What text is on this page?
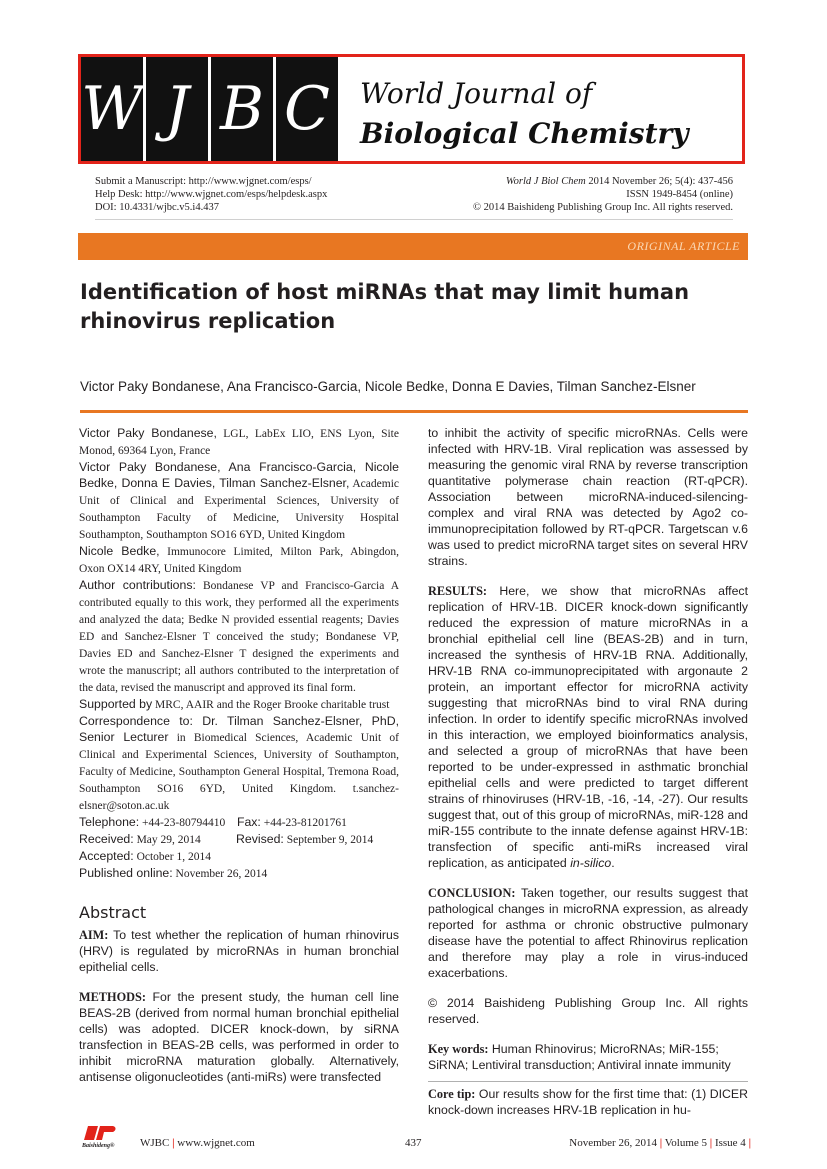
W J B C World Journal of
Biological Chemistry
Submit a Manuscript: http://www.wjgnet.com/esps/
Help Desk: http://www.wjgnet.com/esps/helpdesk.aspx
DOI: 10.4331/wjbc.v5.i4.437
World J Biol Chem 2014 November 26; 5(4): 437-456
ISSN 1949-8454 (online)
© 2014 Baishideng Publishing Group Inc. All rights reserved.
ORIGINAL ARTICLE
Identification of host miRNAs that may limit human rhinovirus replication
Victor Paky Bondanese, Ana Francisco-Garcia, Nicole Bedke, Donna E Davies, Tilman Sanchez-Elsner

Victor Paky Bondanese, LGL, LabEx LIO, ENS Lyon, Site Monod, 69364 Lyon, France

Victor Paky Bondanese, Ana Francisco-Garcia, Nicole Bedke, Donna E Davies, Tilman Sanchez-Elsner, Academic Unit of Clinical and Experimental Sciences, University of Southampton Faculty of Medicine, University Hospital Southampton, Southampton SO16 6YD, United Kingdom

Nicole Bedke, Immunocore Limited, Milton Park, Abingdon, Oxon OX14 4RY, United Kingdom

Author contributions: Bondanese VP and Francisco-Garcia A contributed equally to this work, they performed all the experiments and analyzed the data; Bedke N provided essential reagents; Davies ED and Sanchez-Elsner T conceived the study; Bondanese VP, Davies ED and Sanchez-Elsner T designed the experiments and wrote the manuscript; all authors contributed to the interpretation of the data, revised the manuscript and approved its final form.

Supported by MRC, AAIR and the Roger Brooke charitable trust

Correspondence to: Dr. Tilman Sanchez-Elsner, PhD, Senior Lecturer in Biomedical Sciences, Academic Unit of Clinical and Experimental Sciences, University of Southampton, Faculty of Medicine, Southampton General Hospital, Tremona Road, Southampton SO16 6YD, United Kingdom. t.sanchez-elsner@soton.ac.uk

Telephone: +44-23-80794410 Fax: +44-23-81201761

Received: May 29, 2014	Revised: September 9, 2014

Accepted: October 1, 2014

Published online: November 26, 2014

Abstract

AIM: To test whether the replication of human rhinovirus (HRV) is regulated by microRNAs in human bronchial epithelial cells.

METHODS: For the present study, the human cell line BEAS-2B (derived from normal human bronchial epithelial cells) was adopted. DICER knock-down, by siRNA transfection in BEAS-2B cells, was performed in order to inhibit microRNA maturation globally. Alternatively, antisense oligonucleotides (anti-miRs) were transfected

to inhibit the activity of specific microRNAs. Cells were infected with HRV-1B. Viral replication was assessed by measuring the genomic viral RNA by reverse transcription quantitative polymerase chain reaction (RT-qPCR). Association between microRNA-induced-silencing-complex and viral RNA was detected by Ago2 co-immunoprecipitation followed by RT-qPCR. Targetscan v.6 was used to predict microRNA target sites on several HRV strains.

RESULTS: Here, we show that microRNAs affect replication of HRV-1B. DICER knock-down significantly reduced the expression of mature microRNAs in a bronchial epithelial cell line (BEAS-2B) and in turn, increased the synthesis of HRV-1B RNA. Additionally, HRV-1B RNA co-immunoprecipitated with argonaute 2 protein, an important effector for microRNA activity suggesting that microRNAs bind to viral RNA during infection. In order to identify specific microRNAs involved in this interaction, we employed bioinformatics analysis, and selected a group of microRNAs that have been reported to be under-expressed in asthmatic bronchial epithelial cells and were predicted to target different strains of rhinoviruses (HRV-1B, -16, -14, -27). Our results suggest that, out of this group of microRNAs, miR-128 and miR-155 contribute to the innate defense against HRV-1B: transfection of specific anti-miRs increased viral replication, as anticipated in-silico.

CONCLUSION: Taken together, our results suggest that pathological changes in microRNA expression, as already reported for asthma or chronic obstructive pulmonary disease have the potential to affect Rhinovirus replication and therefore may play a role in virus-induced exacerbations.

© 2014 Baishideng Publishing Group Inc. All rights reserved.

Key words: Human Rhinovirus; MicroRNAs; MiR-155; SiRNA; Lentiviral transduction; Antiviral innate immunity

Core tip: Our results show for the first time that: (1) DICER knock-down increases HRV-1B replication in hu-

Baishideng® WJBC | www.wjgnet.com	437	November 26, 2014 | Volume 5 | Issue 4 |
